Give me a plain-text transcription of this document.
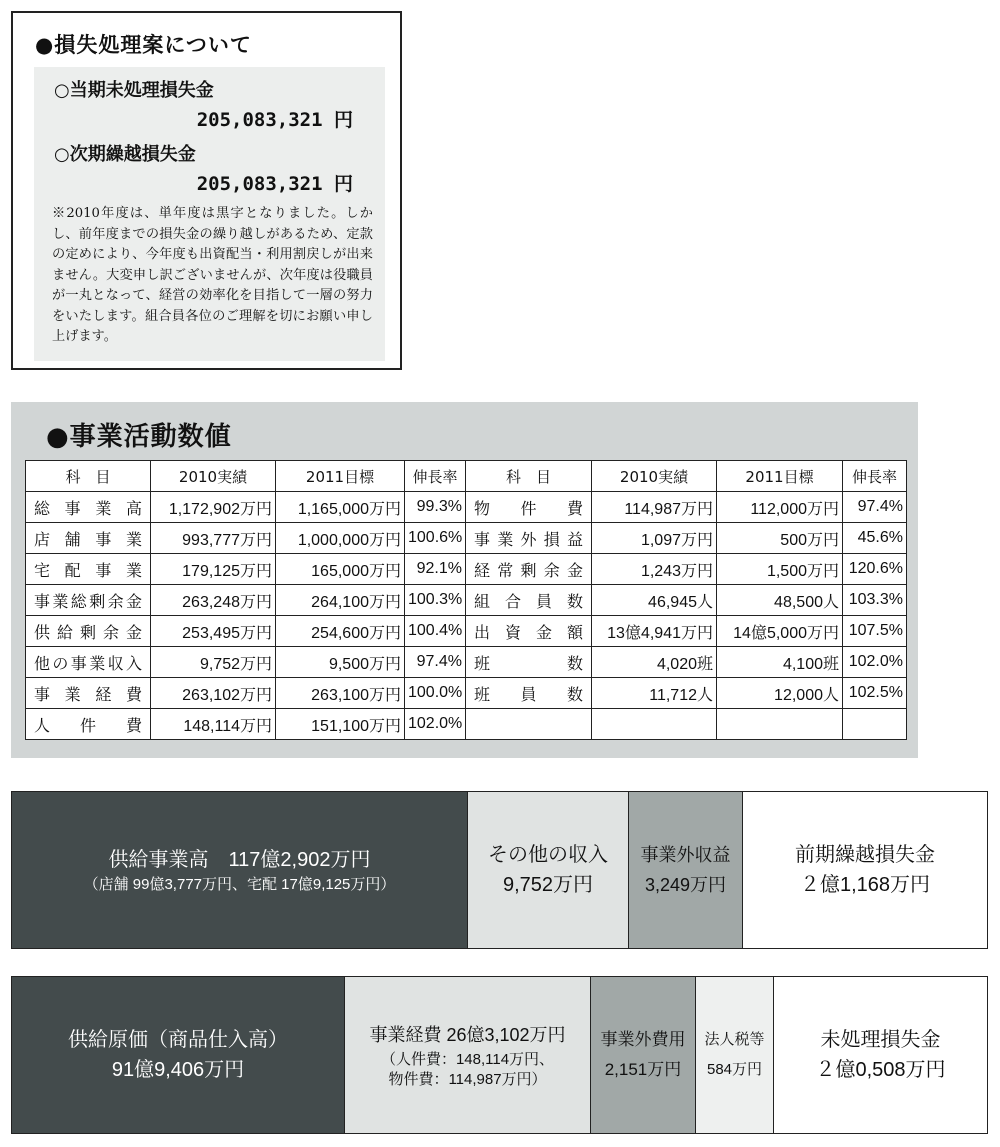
●損失処理案について
○当期未処理損失金
205,083,321 円
○次期繰越損失金
205,083,321 円
※2010年度は、単年度は黒字となりました。しかし、前年度までの損失金の繰り越しがあるため、定款の定めにより、今年度も出資配当・利用割戻しが出来ません。大変申し訳ございませんが、次年度は役職員が一丸となって、経営の効率化を目指して一層の努力をいたします。組合員各位のご理解を切にお願い申し上げます。
●事業活動数値
科　目	2010実績	2011目標	伸長率	科　目	2010実績	2011目標	伸長率
総事業高	1,172,902万円	1,165,000万円	99.3%	物件費	114,987万円	112,000万円	97.4%
店舗事業	993,777万円	1,000,000万円	100.6%	事業外損益	1,097万円	500万円	45.6%
宅配事業	179,125万円	165,000万円	92.1%	経常剰余金	1,243万円	1,500万円	120.6%
事業総剰余金	263,248万円	264,100万円	100.3%	組合員数	46,945人	48,500人	103.3%
供給剰余金	253,495万円	254,600万円	100.4%	出資金額	13億4,941万円	14億5,000万円	107.5%
他の事業収入	9,752万円	9,500万円	97.4%	班数	4,020班	4,100班	102.0%
事業経費	263,102万円	263,100万円	100.0%	班員数	11,712人	12,000人	102.5%
人件費	148,114万円	151,100万円	102.0%				
供給事業高　117億2,902万円
（店舗 99億3,777万円、宅配 17億9,125万円）
その他の収入
9,752万円
事業外収益
3,249万円
前期繰越損失金
２億1,168万円
供給原価（商品仕入高）
91億9,406万円
事業経費 26億3,102万円
（人件費：148,114万円、
物件費：114,987万円）
事業外費用
2,151万円
法人税等
584万円
未処理損失金
２億0,508万円
